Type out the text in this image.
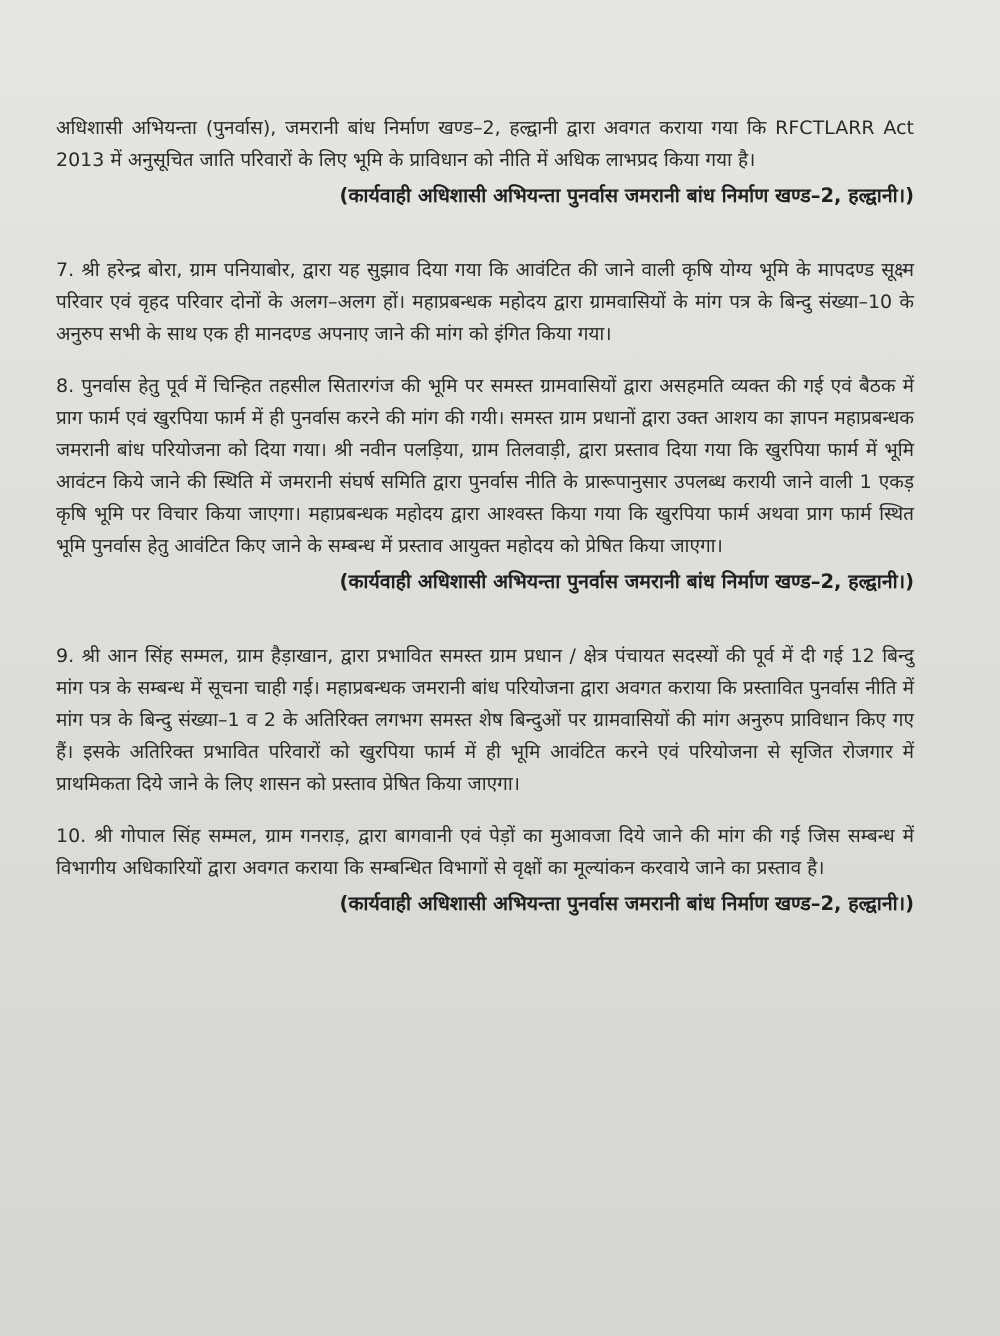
अधिशासी अभियन्ता (पुनर्वास), जमरानी बांध निर्माण खण्ड–2, हल्द्वानी द्वारा अवगत कराया गया कि RFCTLARR Act 2013 में अनुसूचित जाति परिवारों के लिए भूमि के प्राविधान को नीति में अधिक लाभप्रद किया गया है।

(कार्यवाही अधिशासी अभियन्ता पुनर्वास जमरानी बांध निर्माण खण्ड–2, हल्द्वानी।)

7. श्री हरेन्द्र बोरा, ग्राम पनियाबोर, द्वारा यह सुझाव दिया गया कि आवंटित की जाने वाली कृषि योग्य भूमि के मापदण्ड सूक्ष्म परिवार एवं वृहद परिवार दोनों के अलग–अलग हों। महाप्रबन्धक महोदय द्वारा ग्रामवासियों के मांग पत्र के बिन्दु संख्या–10 के अनुरुप सभी के साथ एक ही मानदण्ड अपनाए जाने की मांग को इंगित किया गया।

8. पुनर्वास हेतु पूर्व में चिन्हित तहसील सितारगंज की भूमि पर समस्त ग्रामवासियों द्वारा असहमति व्यक्त की गई एवं बैठक में प्राग फार्म एवं खुरपिया फार्म में ही पुनर्वास करने की मांग की गयी। समस्त ग्राम प्रधानों द्वारा उक्त आशय का ज्ञापन महाप्रबन्धक जमरानी बांध परियोजना को दिया गया। श्री नवीन पलड़िया, ग्राम तिलवाड़ी, द्वारा प्रस्ताव दिया गया कि खुरपिया फार्म में भूमि आवंटन किये जाने की स्थिति में जमरानी संघर्ष समिति द्वारा पुनर्वास नीति के प्रारूपानुसार उपलब्ध करायी जाने वाली 1 एकड़ कृषि भूमि पर विचार किया जाएगा। महाप्रबन्धक महोदय द्वारा आश्वस्त किया गया कि खुरपिया फार्म अथवा प्राग फार्म स्थित भूमि पुनर्वास हेतु आवंटित किए जाने के सम्बन्ध में प्रस्ताव आयुक्त महोदय को प्रेषित किया जाएगा।

(कार्यवाही अधिशासी अभियन्ता पुनर्वास जमरानी बांध निर्माण खण्ड–2, हल्द्वानी।)

9. श्री आन सिंह सम्मल, ग्राम हैड़ाखान, द्वारा प्रभावित समस्त ग्राम प्रधान / क्षेत्र पंचायत सदस्यों की पूर्व में दी गई 12 बिन्दु मांग पत्र के सम्बन्ध में सूचना चाही गई। महाप्रबन्धक जमरानी बांध परियोजना द्वारा अवगत कराया कि प्रस्तावित पुनर्वास नीति में मांग पत्र के बिन्दु संख्या–1 व 2 के अतिरिक्त लगभग समस्त शेष बिन्दुओं पर ग्रामवासियों की मांग अनुरुप प्राविधान किए गए हैं। इसके अतिरिक्त प्रभावित परिवारों को खुरपिया फार्म में ही भूमि आवंटित करने एवं परियोजना से सृजित रोजगार में प्राथमिकता दिये जाने के लिए शासन को प्रस्ताव प्रेषित किया जाएगा।

10. श्री गोपाल सिंह सम्मल, ग्राम गनराड़, द्वारा बागवानी एवं पेड़ों का मुआवजा दिये जाने की मांग की गई जिस सम्बन्ध में विभागीय अधिकारियों द्वारा अवगत कराया कि सम्बन्धित विभागों से वृक्षों का मूल्यांकन करवाये जाने का प्रस्ताव है।

(कार्यवाही अधिशासी अभियन्ता पुनर्वास जमरानी बांध निर्माण खण्ड–2, हल्द्वानी।)
